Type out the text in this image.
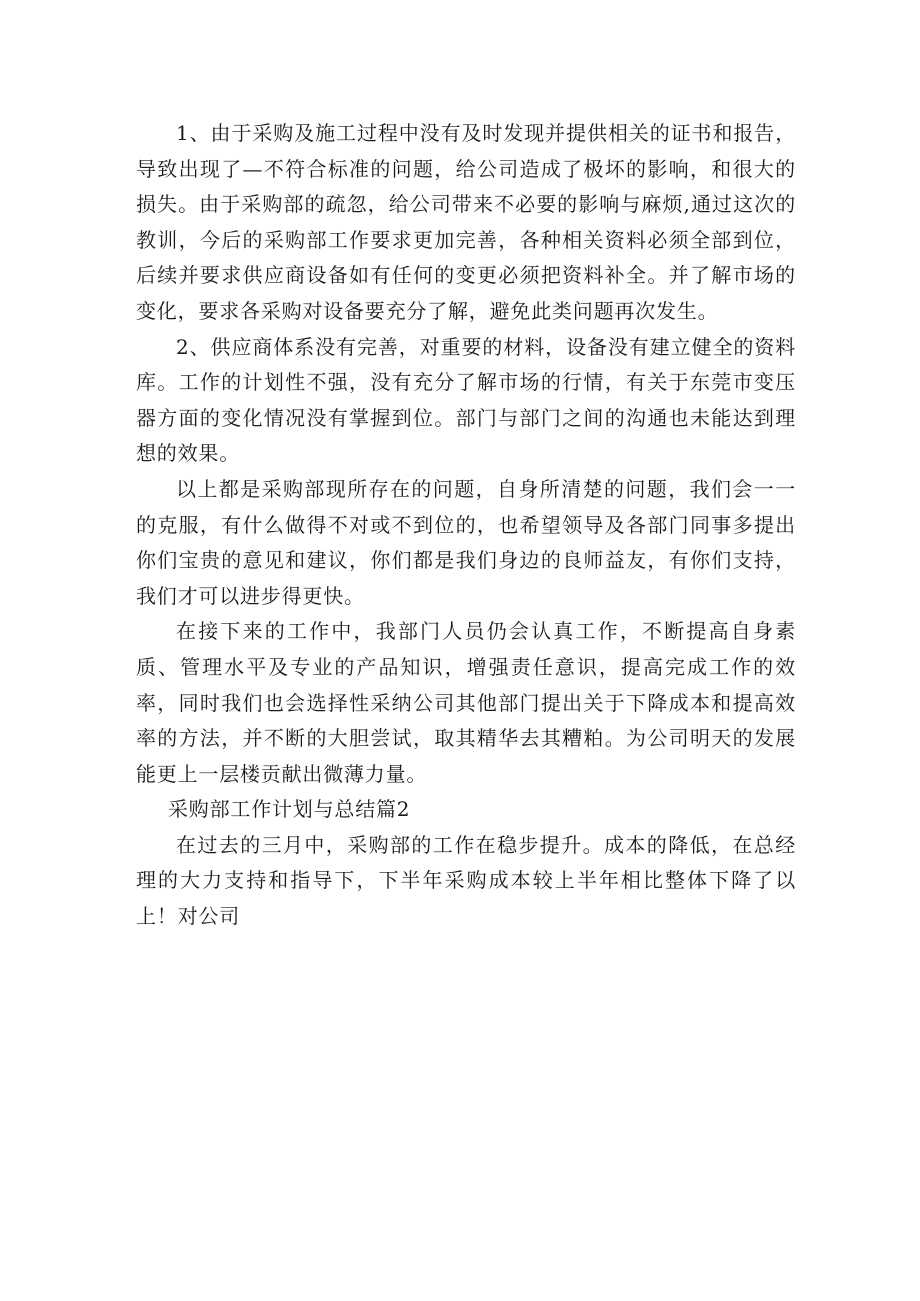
1、由于采购及施工过程中没有及时发现并提供相关的证书和报告，导致出现了—不符合标准的问题，给公司造成了极坏的影响，和很大的损失。由于采购部的疏忽，给公司带来不必要的影响与麻烦,通过这次的教训，今后的采购部工作要求更加完善，各种相关资料必须全部到位，后续并要求供应商设备如有任何的变更必须把资料补全。并了解市场的变化，要求各采购对设备要充分了解，避免此类问题再次发生。

2、供应商体系没有完善，对重要的材料，设备没有建立健全的资料库。工作的计划性不强，没有充分了解市场的行情，有关于东莞市变压器方面的变化情况没有掌握到位。部门与部门之间的沟通也未能达到理想的效果。

以上都是采购部现所存在的问题，自身所清楚的问题，我们会一一的克服，有什么做得不对或不到位的，也希望领导及各部门同事多提出你们宝贵的意见和建议，你们都是我们身边的良师益友，有你们支持，我们才可以进步得更快。

在接下来的工作中，我部门人员仍会认真工作，不断提高自身素质、管理水平及专业的产品知识，增强责任意识，提高完成工作的效率，同时我们也会选择性采纳公司其他部门提出关于下降成本和提高效率的方法，并不断的大胆尝试，取其精华去其糟粕。为公司明天的发展能更上一层楼贡献出微薄力量。

采购部工作计划与总结篇2

在过去的三月中，采购部的工作在稳步提升。成本的降低，在总经理的大力支持和指导下，下半年采购成本较上半年相比整体下降了以上！对公司
